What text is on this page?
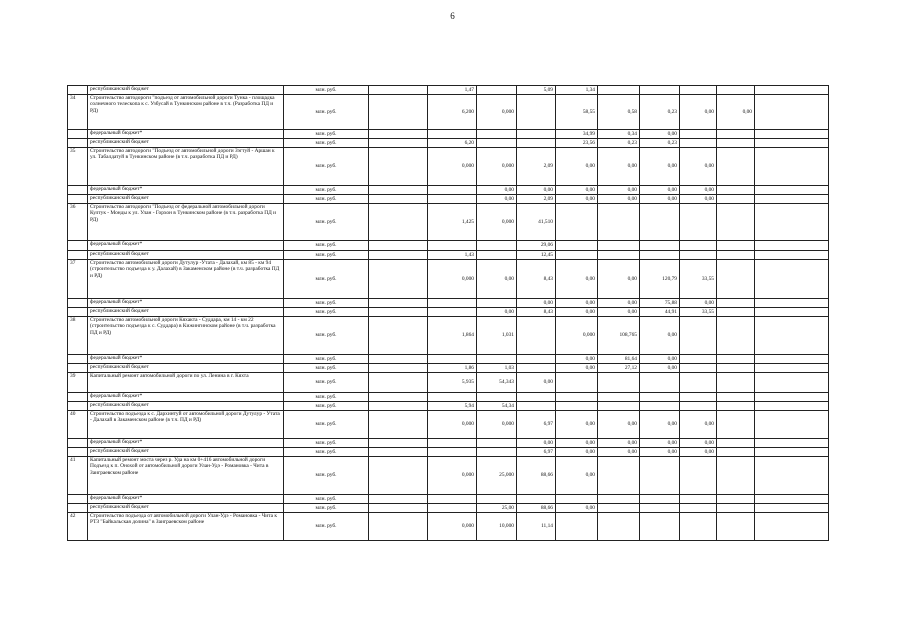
6
	республиканский бюджет	млн. руб.		1,47		5,09	1,34					
34	Строительство автодороги "подъезд от автомобильной дороги Тунка - площадка солнечного телескопа к с. Узбусай в Тункинском районе в т.ч. (Разработка ПД и РД)	млн. руб.		6,200	0,000		58,55	0,58	0,23	0,00	0,00	
	федеральный бюджет*	млн. руб.					34,99	0,34	0,00			
	республиканский бюджет	млн. руб.		6,20			23,56	0,23	0,23			
35	Строительство автодороги "Подъезд от автомобильной дороги Зэгтуй - Аршан к ул. Табалдатуй в Тункинском районе (в т.ч. разработка ПД и РД)	млн. руб.		0,000	0,000	2,09	0,00	0,00	0,00	0,00		
	федеральный бюджет*	млн. руб.			0,00	0,00	0,00	0,00	0,00	0,00		
	республиканский бюджет	млн. руб.			0,00	2,09	0,00	0,00	0,00	0,00		
36	Строительство автодороги "Подъезд от федеральной автомобильной дороги Култук - Монды к ул. Улан - Горхон в Тункинском районе (в т.ч. разработка ПД и РД)	млн. руб.		1,425	0,000	41,510						
	федеральный бюджет*	млн. руб.				29,06						
	республиканский бюджет	млн. руб.		1,43		12,45						
37	Строительство автомобильной дороги Дутулур -Утата - Далахай, км 85 - км 94 (строительство подъезда к у. Далахай) в Закаменском районе (в т.ч. разработка ПД и РД)	млн. руб.		0,000	0,00	8,43	0,00	0,00	120,79	33,55		
	федеральный бюджет*	млн. руб.				0,00	0,00	0,00	75,88	0,00		
	республиканский бюджет	млн. руб.			0,00	8,43	0,00	0,00	44,91	33,55		
38	Строительство автомобильной дороги Кяхакта - Суддара, км 14 - км 22 (строительство подъезда к с. Суддара) в Кижингинском районе (в т.ч. разработка ПД и РД)	млн. руб.		1,864	1,031		0,000	108,765	0,00			
	федеральный бюджет*	млн. руб.					0,00	81,64	0,00			
	республиканский бюджет	млн. руб.		1,86	1,03		0,00	27,12	0,00			
39	Капитальный ремонт автомобильной дороги по ул. Ленина в г. Кяхта	млн. руб.		5,935	54,343	0,00						
	федеральный бюджет*	млн. руб.										
	республиканский бюджет	млн. руб.		5,94	54,34							
40	Строительство подъезда к с. Дархинтуй от автомобильной дороги Дутулур - Утата - Далахай в Закаменском районе (в т.ч. ПД и РД)	млн. руб.		0,000	0,000	6,97	0,00	0,00	0,00	0,00		
	федеральный бюджет*	млн. руб.				0,00	0,00	0,00	0,00	0,00		
	республиканский бюджет	млн. руб.				6,97	0,00	0,00	0,00	0,00		
41	Капитальный ремонт моста через р. Уда на км 0+416 автомобильной дороги Подъезд к п. Онохой от автомобильной дороги Улан-Удэ - Романовка - Чита в Заиграевском районе	млн. руб.		0,000	25,000	88,66	0,00					
	федеральный бюджет*	млн. руб.										
	республиканский бюджет	млн. руб.			25,00	88,66	0,00					
42	Строительство подъезда от автомобильной дороги Улан-Удэ - Романовка - Чита к РТЗ "Байкальская долина" в Заиграевском районе	млн. руб.		0,000	10,000	11,14						
